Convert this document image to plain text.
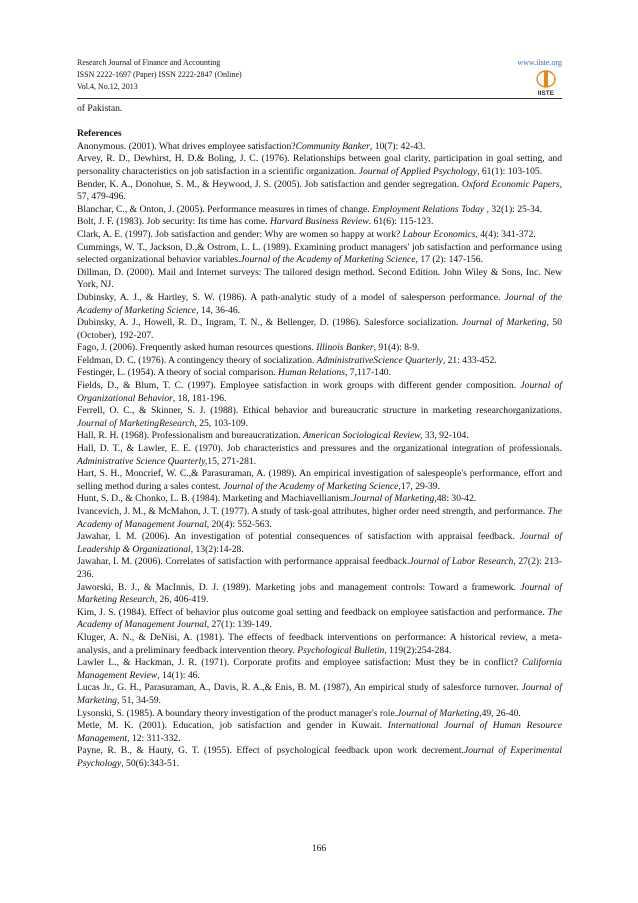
Research Journal of Finance and Accounting
ISSN 2222-1697 (Paper) ISSN 2222-2847 (Online)
Vol.4, No.12, 2013
www.iiste.org
IISTE

of Pakistan.

References

Anonymous. (2001). What drives employee satisfaction?Community Banker, 10(7): 42-43.

Arvey, R. D., Dewhirst, H. D.& Boling, J. C. (1976). Relationships between goal clarity, participation in goal setting, and personality characteristics on job satisfaction in a scientific organization. Journal of Applied Psychology, 61(1): 103-105.

Bender, K. A., Donohue, S. M., & Heywood, J. S. (2005). Job satisfaction and gender segregation. Oxford Economic Papers, 57, 479-496.

Blanchar, C., & Onton, J. (2005). Performance measures in times of change. Employment Relations Today , 32(1): 25-34.

Bolt, J. F. (1983). Job security: Its time has come. Harvard Business Review. 61(6): 115-123.

Clark, A. E. (1997). Job satisfaction and gender: Why are women so happy at work? Labour Economics, 4(4): 341-372.

Cummings, W. T., Jackson, D.,& Ostrom, L. L. (1989). Examining product managers' job satisfaction and performance using selected organizational behavior variables.Journal of the Academy of Marketing Science, 17 (2): 147-156.

Dillman, D. (2000). Mail and Internet surveys: The tailored design method. Second Edition. John Wiley & Sons, Inc. New York, NJ.

Dubinsky, A. J., & Hartley, S. W. (1986). A path-analytic study of a model of salesperson performance. Journal of the Academy of Marketing Science, 14, 36-46.

Dubinsky, A. J., Howell, R. D., Ingram, T. N., & Bellenger, D. (1986). Salesforce socialization. Journal of Marketing, 50 (October), 192-207.

Fago, J. (2006). Frequently asked human resources questions. Illinois Banker, 91(4): 8-9.

Feldman, D. C. (1976). A contingency theory of socialization. AdministrativeScience Quarterly, 21: 433-452.

Festinger, L. (1954). A theory of social comparison. Human Relations, 7,117-140.

Fields, D., & Blum, T. C. (1997). Employee satisfaction in work groups with different gender composition. Journal of Organizational Behavior, 18, 181-196.

Ferrell, O. C., & Skinner, S. J. (1988). Ethical behavior and bureaucratic structure in marketing researchorganizations. Journal of MarketingResearch, 25, 103-109.

Hall, R. H. (1968). Professionalism and bureaucratization. American Sociological Review, 33, 92-104.

Hall, D. T., & Lawler, E. E. (1970). Job characteristics and pressures and the organizational integration of professionals. Administrative Science Quarterly,15, 271-281.

Hart, S. H., Moncrief, W. C.,& Parasuraman, A. (1989). An empirical investigation of salespeople's performance, effort and selling method during a sales contest. Journal of the Academy of Marketing Science,17, 29-39.

Hunt, S. D., & Chonko, L. B. (1984). Marketing and Machiavellianism.Journal of Marketing,48: 30-42.

Ivancevich, J. M., & McMahon, J. T. (1977). A study of task-goal attributes, higher order need strength, and performance. The Academy of Management Journal, 20(4): 552-563.

Jawahar, I. M. (2006). An investigation of potential consequences of satisfaction with appraisal feedback. Journal of Leadership & Organizational, 13(2):14-28.

Jawahar, I. M. (2006). Correlates of satisfaction with performance appraisal feedback.Journal of Labor Research, 27(2): 213-236.

Jaworski, B. J., & MacInnis, D. J. (1989). Marketing jobs and management controls: Toward a framework. Journal of Marketing Research, 26, 406-419.

Kim, J. S. (1984). Effect of behavior plus outcome goal setting and feedback on employee satisfaction and performance. The Academy of Management Journal, 27(1): 139-149.

Kluger, A. N., & DeNisi, A. (1981). The effects of feedback interventions on performance: A historical review, a meta-analysis, and a preliminary feedback intervention theory. Psychological Bulletin, 119(2):254-284.

Lawler L., & Hackman, J. R. (1971). Corporate profits and employee satisfaction: Must they be in conflict? California Management Review, 14(1): 46.

Lucas Jr., G. H., Parasuraman, A., Davis, R. A.,& Enis, B. M. (1987), An empirical study of salesforce turnover. Journal of Marketing, 51, 34-59.

Lysonski, S. (1985). A boundary theory investigation of the product manager's role.Journal of Marketing,49, 26-40.

Metle, M. K. (2001). Education, job satisfaction and gender in Kuwait. International Journal of Human Resource Management, 12: 311-332.

Payne, R. B., & Hauty, G. T. (1955). Effect of psychological feedback upon work decrement.Journal of Experimental Psychology, 50(6):343-51.

166
